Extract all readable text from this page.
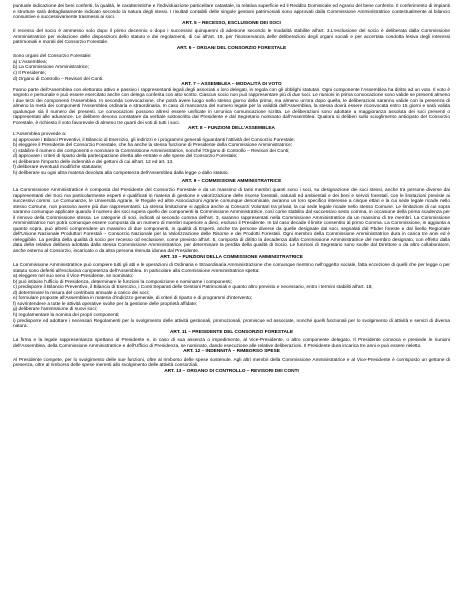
puntuale indicazione dei beni conferiti, la qualità, le caratteristiche e l'individuazione particellare catastale, la relativa superficie ed il Reddito Dominicale ed Agrario del bene conferito. Il conferimento di impianti e strutture sarà dettagliatamente indicato secondo la natura degli stessi. I risultati contabili delle singole gestioni patrimoniali sono approvati dalla Commissione Amministratrice contestualmente al bilancio consuntive e successivamente trasmessi ai soci.
ART. 5 – RECESSO, ESCLUSIONE DEI SOCI
Il recesso del socio è ammesso solo dopo il primo decennio o dopo i successivi quinquenni di adesione secondo le modalità stabilite all'art. 3.L'esclusione del socio è deliberata dalla Commissione Amministratrice per violazione delle disposizioni dello statuto e dei regolamenti, di cui all'art. 19, per l'inosservanza delle deliberazioni degli organi sociali e per accertata condotta lesiva degli interessi patrimoniali e morali del Consorzio Forestale.
ART. 6 – ORGANI DEL CONSORZIO FORESTALE
Sono organi del Consorzio Forestale:
a) L'Assemblea;
b) La Commissione Amministratrice;
c) Il Presidente;
d) Organo di Controllo – Revisori dei Conti.
ART. 7 – ASSEMBLEA – MODALITÀ DI VOTO
Fanno parte dell'Assemblea con elettorato attivo e passivo i rappresentanti legali degli associati o loro delegati, in regola con gli obblighi statutari. Ogni componente l'Assemblea ha diritto ad un voto. Il voto è segreto e personale e può essere esercitato anche con delega conferita con atto scritto. Ciascun socio non può rappresentare più di due soci. Le riunioni in prima convocazione sono valide se presenti almeno i due terzi dei componenti l'Assemblea. In seconda convocazione, che potrà avere luogo nello stesso giorno della prima, ma almeno un'ora dopo quella, le deliberazioni saranno valide con la presenza di almeno la metà dei componenti l'Assemblea ordinaria e straordinaria. In caso di mancanza del numero legale per la validità dell'Assemblea, la stessa dovrà essere riconvocata entro 15 giorni e sarà valida qualunque sia il numero dei presenti. Le convocazioni possono altresì essere unificate in un'unica comunicazione scritta. Le deliberazioni sono adottate a maggioranza assoluta dei soci presenti o rappresentati alle adunanze. Le delibere devono constatare da verbale sottoscritto dal Presidente e dal Segretario nominato dall'Assemblea. Qualora si deliberi sullo scioglimento anticipato del Consorzio Forestale, è richiesto il voto favorevole di almeno tre quarti dei voti di tutti i soci.
ART. 8 – FUNZIONI DELL'ASSEMBLEA
L'Assemblea provvede a:
a) approvare i Bilanci Preventivi, il Bilancio di Esercizio, gli indirizzi e i programmi generali riguardanti l'attività del Consorzio Forestale;
b) eleggere il Presidente del Consorzio Forestale, che ha anche la stessa funzione di Presidente della Commissione Amministratrice;
c) stabilire il numero dei componenti e nominare la Commissione Amministratrice, nonché l'Organo di Controllo – Revisori dei Conti;
d) approvare i criteri di riparto della partecipazione diretta alle entrate e alle spese del Consorzio Forestale;
e) deliberare l'importo delle indennità e dei gettoni di cui all'art. 12 ed art. 13.
f) deliberare eventuali modifiche statutarie;
h) deliberare su ogni altra materia devoluta alla competenza dell'Assemblea dalla legge o dallo statuto.
ART. 9 – COMMISSIONE AMMINISTRATRICE
La Commissione Amministratrice è composta dal Presidente del Consorzio Forestale e da un massimo di tanti membri quanti sono i soci, su designazione dei soci stessi, anche tra persone diverse dai rappresentanti dei Soci ma particolarmente esperti e qualificati in materia di gestione e valorizzazione delle risorse forestali, naturali ed ambientali e dei beni e servizi forestali, con le limitazioni previste ai successivi commi. Le Comunanze, le Università Agrarie, le Regole ed altre Associazioni Agrarie comunque denominate, avranno un loro specifico interesse a cinque ettari e la cui sede legale ricade nello stesso Comune, non possono avere più due rappresentanti. La stessa limitazione si applica anche ai Consorzi Volontari tra privati, la cui sede legale ricade nello stesso Comune. Le limitazioni di cui sopra saranno comunque applicate quando il numero dei soci supera quello dei componenti la Commissione Amministratrice, così come stabilito dal successivo sesto comma, in occasione della prima scadenza per il rinnovo della Commissione stessa. Le categorie di soci, indicati al secondo comma dell'art. 3, saranno rappresentati nella Commissione Amministratrice da un massimo di tre membri. La Commissione Amministratrice non potrà comunque essere composta da un numero di membri superiore a dieci, escluso il Presidente. In tal caso decade il limite consentito al primo Comma. La Commissione, in aggiunta a quanto sopra, può altresì comprendere un massimo di due componenti, in qualità di Esperti, anche tra persone diverse da quelle designate dai soci, segnalati dal Pbder foreste e dal livello Regionale dell'Unione Nazionale Produttori Forestali – Consorzio Nazionale per la Valorizzazione delle Risorse e dei Prodotti Forestali. Ogni membro della Commissione Amministratrice dura in carica tre anni ed è rieleggibile. La perdita della qualità di socio per recesso od esclusione, come previsto all'art. 5, comporta di diritto la decadenza dalla Commissione Amministratrice del membro designato, con effetto dalla data della relativa delibera adottata dalla stessa Commissione Amministratrice, per determinare la perdita della qualità di Socio. Le funzioni di Segretario sono svolte dal Direttore o da altro collaboratore, anche esterno al Consorzio, incaricato o da altra persona ritenuta idonea dal Presidente.
ART. 10 – FUNZIONI DELLA COMMISSIONE AMMINISTRATRICE
La Commissione Amministratrice può compiere tutti gli atti e le operazioni di Ordinaria e Straordinaria Amministrazione che comunque rientrino nell'oggetto sociale, fatta eccezione di quelli che per legge o per statuto sono deferiti all'esclusiva competenza dell'Assemblea. In particolare alla Commissione Amministratrice spetta:
a) eleggere nel suo seno il Vice-Presidente, se nominato;
b) può istituire l'ufficio di Presidenza, determinare le funzioni la composizione e nominarne i componenti;
c) predisporre il Bilancio Preventivo, il Bilancio di Esercizio, i Conti Separati delle Gestioni Patrimoniali e quanto altro previsto e necessario, entro i termini stabiliti all'art. 18;
d) determinare la misura del contributo annuale a carico dei soci;
e) formulare proposte all'Assemblea in materia d'indirizzo generale, di criteri di riparto e di programmi d'intervento;
f) sovrintendere a tutte le attività operative svolte per la gestione delle proprietà affidate;
g) deliberare l'ammissione di nuovi soci;
h) regolamentare la nomina dei propri componenti;
i) predisporre ed adottare i necessari Regolamenti per lo svolgimento delle attività gestionali, promozionali, promiscue ed associate, nonché quelli funzionali per lo svolgimento di attività e servizi di diversa natura.
ART. 11 – PRESIDENTE DEL CONSORZIO FORESTALE
La firma e la legale rappresentanza spettano al Presidente e, in caso di sua assenza o impedimento, al Vice-Presidente, o altro componente delegato. Il Presidente convoca e presiede le riunioni dell'Assemblea, della Commissione Amministratrice e dell'Ufficio di Presidenza, se nominato, dando esecuzione alle relative deliberazioni. Il Presidente dura incarica tre anni e può essere rieletto.
ART. 12 – INDENNITÀ – RIMBORSO SPESE
Al Presidente compete, per lo svolgimento delle sue funzioni, oltre al rimborso delle spese sostenute. Agli altri membri della Commissione Amministratrice e al Vice-Presidente è corrisposto un gettone di presenza, oltre al rimborso delle spese inerenti allo svolgimento delle attività consorziali.
ART. 13 – ORGANO DI CONTROLLO – REVISORI DEI CONTI
